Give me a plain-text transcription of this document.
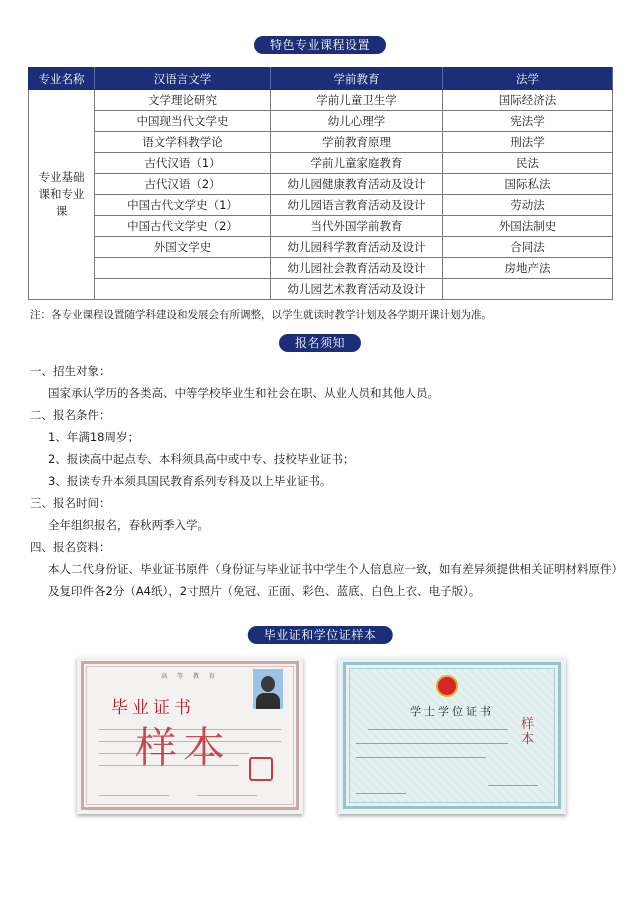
特色专业课程设置
专业名称	汉语言文学	学前教育	法学
专业基础课和专业课	文学理论研究	学前儿童卫生学	国际经济法
	中国现当代文学史	幼儿心理学	宪法学
	语文学科教学论	学前教育原理	刑法学
	古代汉语（1）	学前儿童家庭教育	民法
	古代汉语（2）	幼儿园健康教育活动及设计	国际私法
	中国古代文学史（1）	幼儿园语言教育活动及设计	劳动法
	中国古代文学史（2）	当代外国学前教育	外国法制史
	外国文学史	幼儿园科学教育活动及设计	合同法
		幼儿园社会教育活动及设计	房地产法
		幼儿园艺术教育活动及设计	
注：各专业课程设置随学科建设和发展会有所调整，以学生就读时教学计划及各学期开课计划为准。
报名须知
一、招生对象：
国家承认学历的各类高、中等学校毕业生和社会在职、从业人员和其他人员。
二、报名条件：
1、年满18周岁；
2、报读高中起点专、本科须具高中或中专、技校毕业证书；
3、报读专升本须具国民教育系列专科及以上毕业证书。
三、报名时间：
全年组织报名，春秋两季入学。
四、报名资料：
本人二代身份证、毕业证书原件（身份证与毕业证书中学生个人信息应一致，如有差异须提供相关证明材料原件）及复印件各2分（A4纸），2寸照片（免冠、正面、彩色、蓝底、白色上衣、电子版）。
毕业证和学位证样本
高 等 教 育
毕业证书
样本
学士学位证书
样本
